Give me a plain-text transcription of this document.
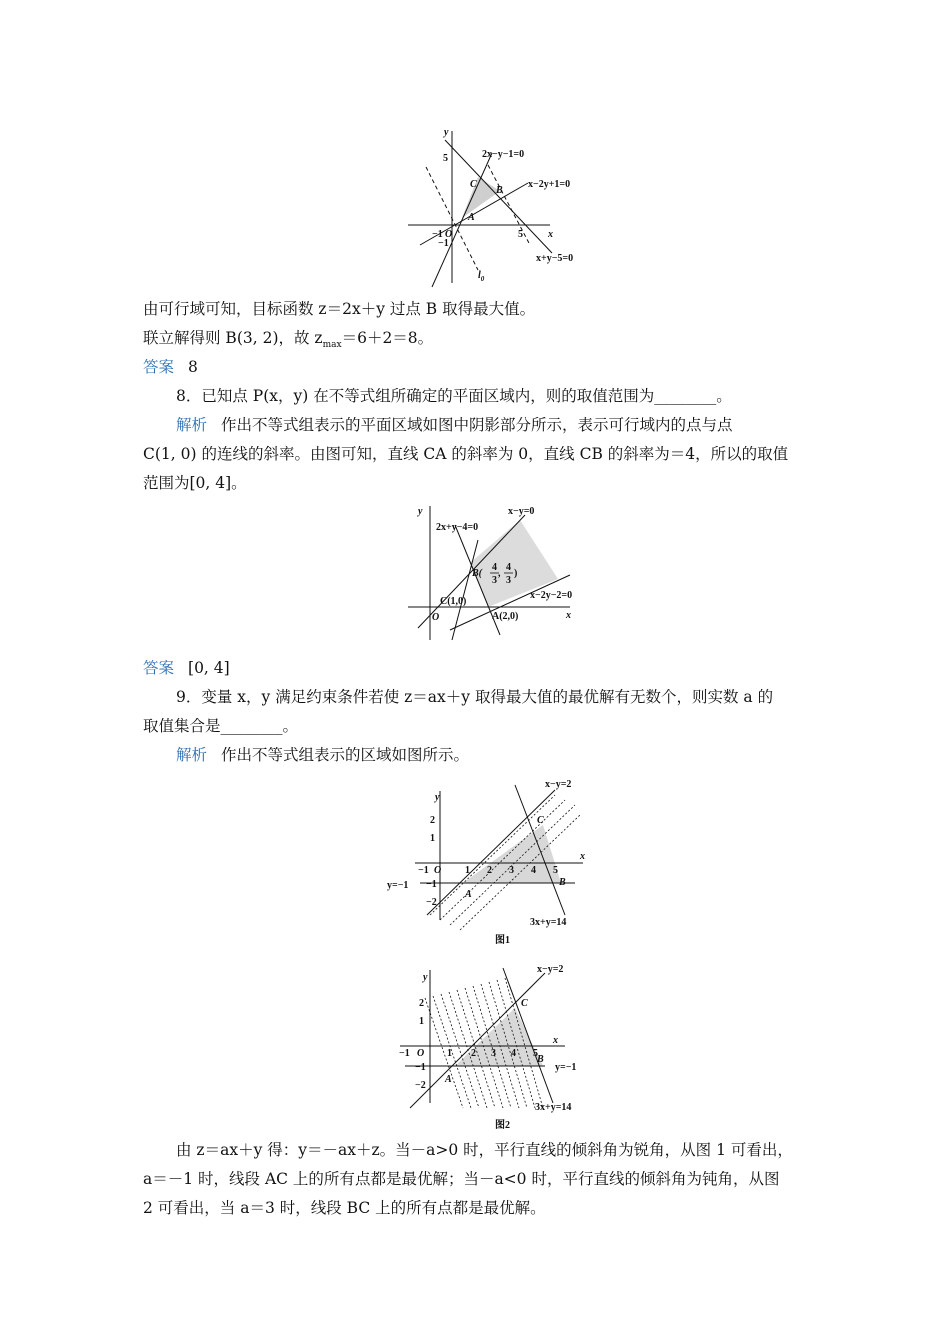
y
x
2x−y−1=0
x−2y+1=0
x+y−5=0
5
5
−1 O
−1
A
B
C
$l_0$
由可行域可知，目标函数 z＝2x＋y 过点 B 取得最大值。
联立解得则 B(3, 2)，故 $z_{max}=6+2=8$。
答案 8
8．已知点 P(x，y) 在不等式组所确定的平面区域内，则的取值范围为________。
解析 作出不等式组表示的平面区域如图中阴影部分所示，表示可行域内的点与点
C(1, 0) 的连线的斜率。由图可知，直线 CA 的斜率为 0，直线 CB 的斜率为＝4，所以的取值
范围为[0, 4]。
y
x
x−y=0
2x+y−4=0
x−2y−2=0
B(
4
3
4
3
, )
C(1,0)
A(2,0)
O
答案 [0, 4]
9．变量 x，y 满足约束条件若使 z＝ax＋y 取得最大值的最优解有无数个，则实数 a 的
取值集合是________。
解析 作出不等式组表示的区域如图所示。
y
x
x−y=2
3x+y=14
y=−1
−1 O 1 2 3 4 5
2
1
−1
−2
A
B
C
图1
y
x
x−y=2
3x+y=14
y=−1
−1 O 1 2 3 4 5
2
1
−1
−2
A
B
C
图2
由 z＝ax＋y 得：y＝－ax＋z。当－a>0 时，平行直线的倾斜角为锐角，从图 1 可看出，
a＝－1 时，线段 AC 上的所有点都是最优解；当－a<0 时，平行直线的倾斜角为钝角，从图
2 可看出，当 a＝3 时，线段 BC 上的所有点都是最优解。
